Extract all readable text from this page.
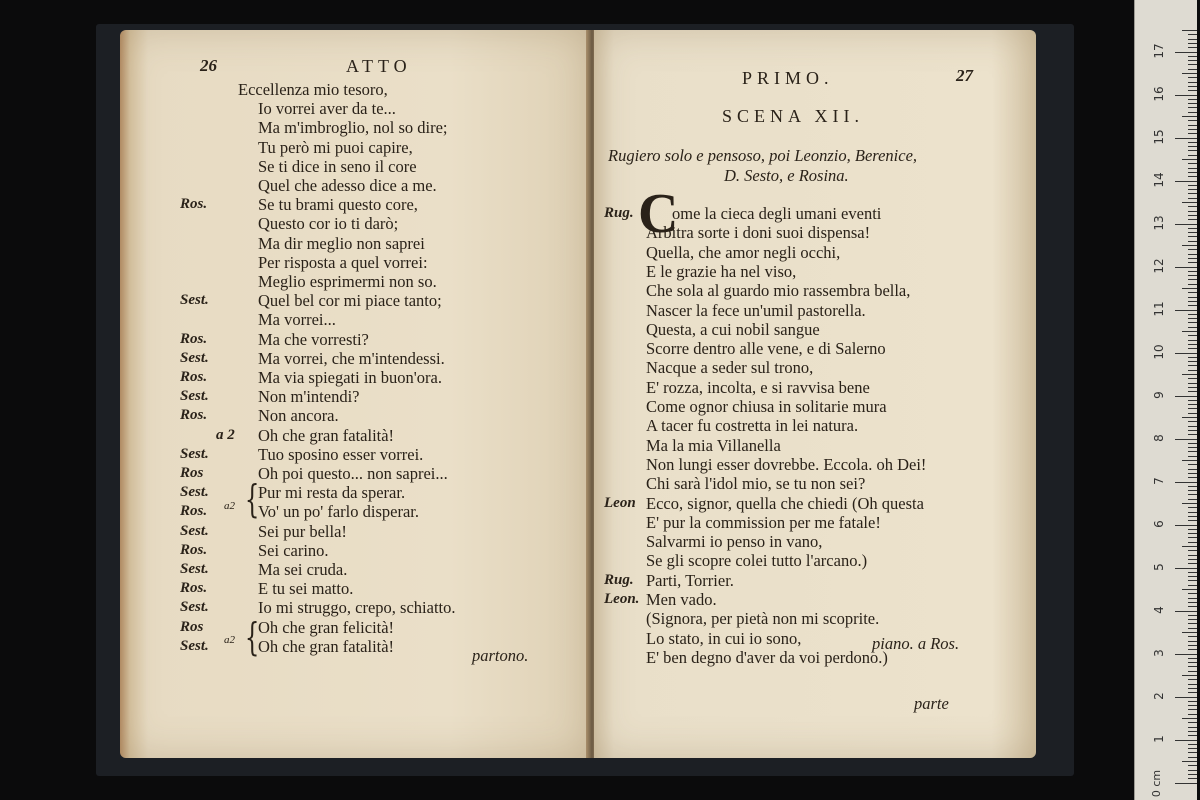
26	ATTO
Eccellenza mio tesoro,
Io vorrei aver da te...
Ma m'imbroglio, nol so dire;
Tu però mi puoi capire,
Se ti dice in seno il core
Quel che adesso dice a me.
Ros.	Se tu brami questo core,
Questo cor io ti darò;
Ma dir meglio non saprei
Per risposta a quel vorrei:
Meglio esprimermi non so.
Sest.	Quel bel cor mi piace tanto;
Ma vorrei...
Ros.	Ma che vorresti?
Sest.	Ma vorrei, che m'intendessi.
Ros.	Ma via spiegati in buon'ora.
Sest.	Non m'intendi?
Ros.	Non ancora.
a 2 Oh che gran fatalità!
Sest.	Tuo sposino esser vorrei.
Ros	Oh poi questo... non saprei...
Sest.	Pur mi resta da sperar.
Ros.	Vo' un po' farlo disperar.
Sest.	Sei pur bella!
Ros.	Sei carino.
Sest.	Ma sei cruda.
Ros.	E tu sei matto.
Sest.	Io mi struggo, crepo, schiatto.
Ros	Oh che gran felicità!
Sest.	Oh che gran fatalità!
{
a2
{
a2
partono.
PRIMO.	27
SCENA XII.
Rugiero solo e pensoso, poi Leonzio, Berenice,
D. Sesto, e Rosina.
C
Rug. ome la cieca degli umani eventi
Arbitra sorte i doni suoi dispensa!
Quella, che amor negli occhi,
E le grazie ha nel viso,
Che sola al guardo mio rassembra bella,
Nascer la fece un'umil pastorella.
Questa, a cui nobil sangue
Scorre dentro alle vene, e di Salerno
Nacque a seder sul trono,
E' rozza, incolta, e si ravvisa bene
Come ognor chiusa in solitarie mura
A tacer fu costretta in lei natura.
Ma la mia Villanella
Non lungi esser dovrebbe. Eccola. oh Dei!
Chi sarà l'idol mio, se tu non sei?
Leon Ecco, signor, quella che chiedi (Oh questa
E' pur la commission per me fatale!
Salvarmi io penso in vano,
Se gli scopre colei tutto l'arcano.)
Rug. Parti, Torrier.
Leon. Men vado.
(Signora, per pietà non mi scoprite.
Lo stato, in cui io sono,
E' ben degno d'aver da voi perdono.)
piano. a Ros.
parte
17
16
15
14
13
12
11
10
9
8
7
6
5
4
3
2
1
0 cm
